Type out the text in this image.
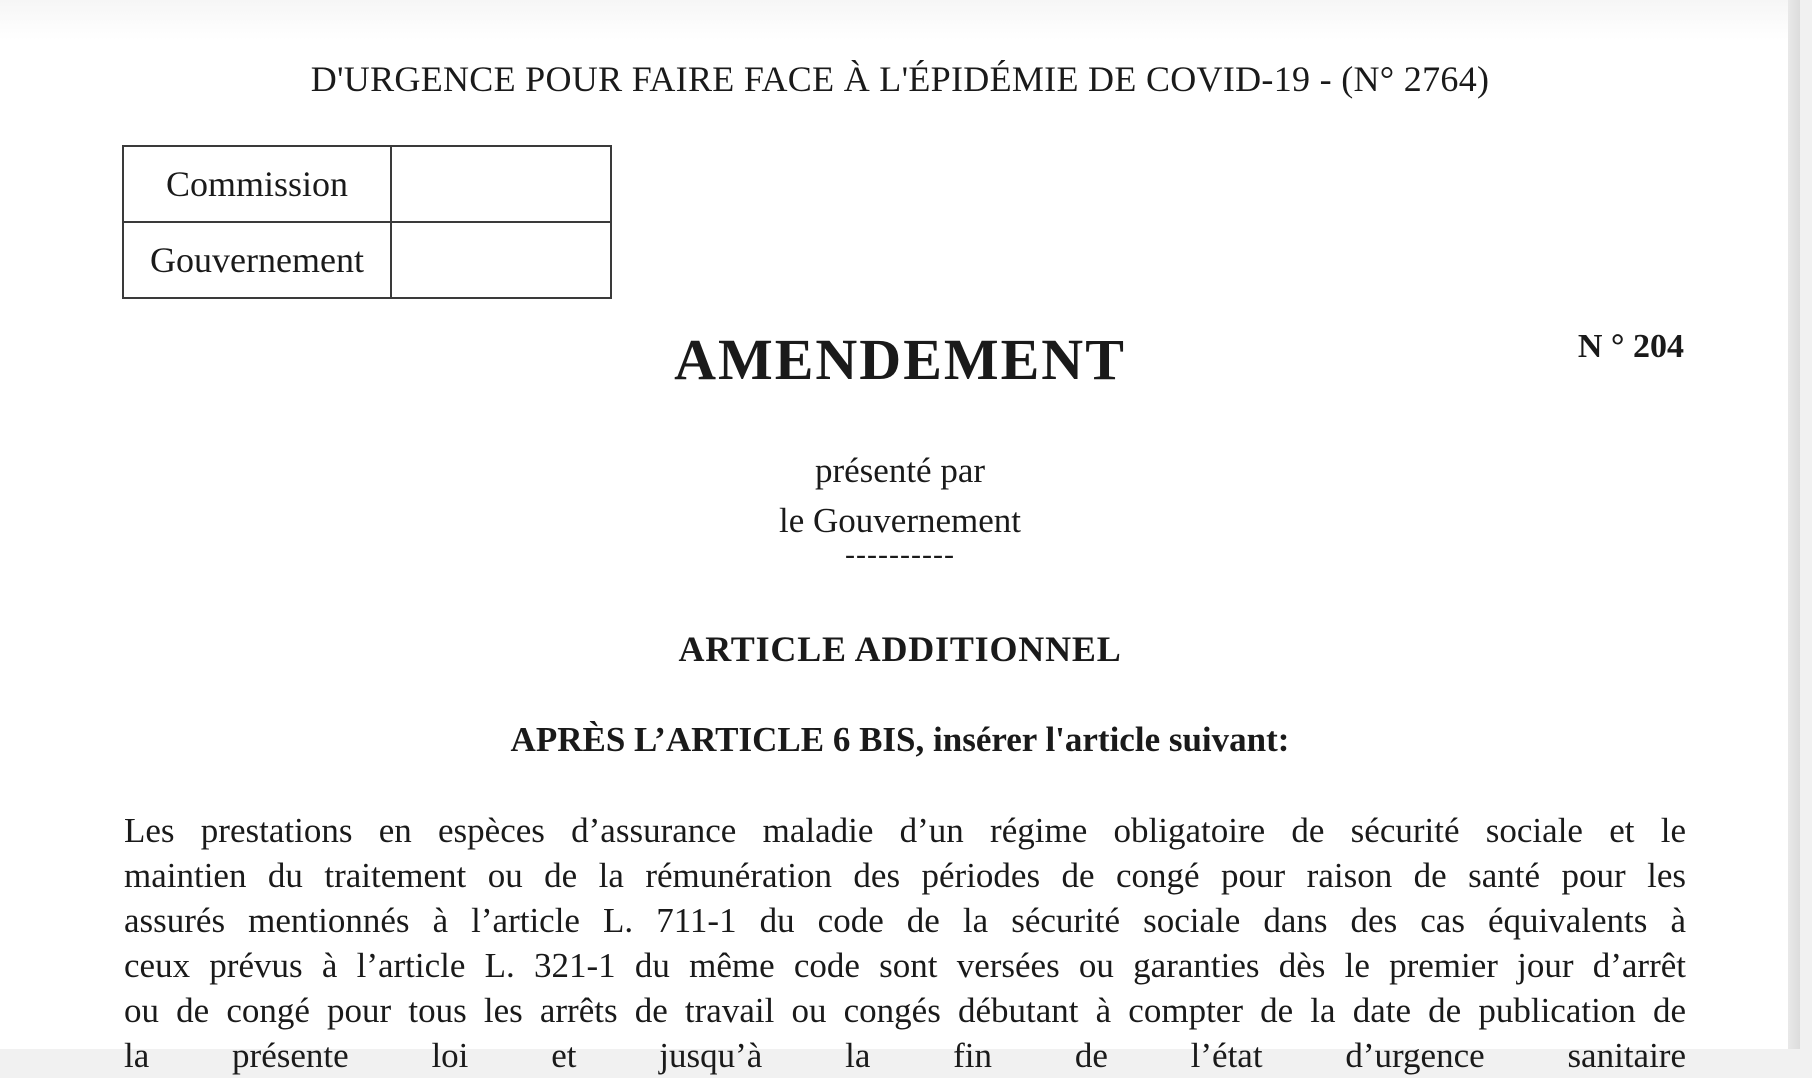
D'URGENCE POUR FAIRE FACE À L'ÉPIDÉMIE DE COVID-19 - (N° 2764)
Commission	
Gouvernement	
AMENDEMENT	N ° 204
présenté par
le Gouvernement
----------
ARTICLE ADDITIONNEL
APRÈS L’ARTICLE 6 BIS, insérer l'article suivant:
Les prestations en espèces d’assurance maladie d’un régime obligatoire de sécurité sociale et le
maintien du traitement ou de la rémunération des périodes de congé pour raison de santé pour les
assurés mentionnés à l’article L. 711-1 du code de la sécurité sociale dans des cas équivalents à
ceux prévus à l’article L. 321-1 du même code sont versées ou garanties dès le premier jour d’arrêt
ou de congé pour tous les arrêts de travail ou congés débutant à compter de la date de publication de
la présente loi et jusqu’à la fin de l’état d’urgence sanitaire
